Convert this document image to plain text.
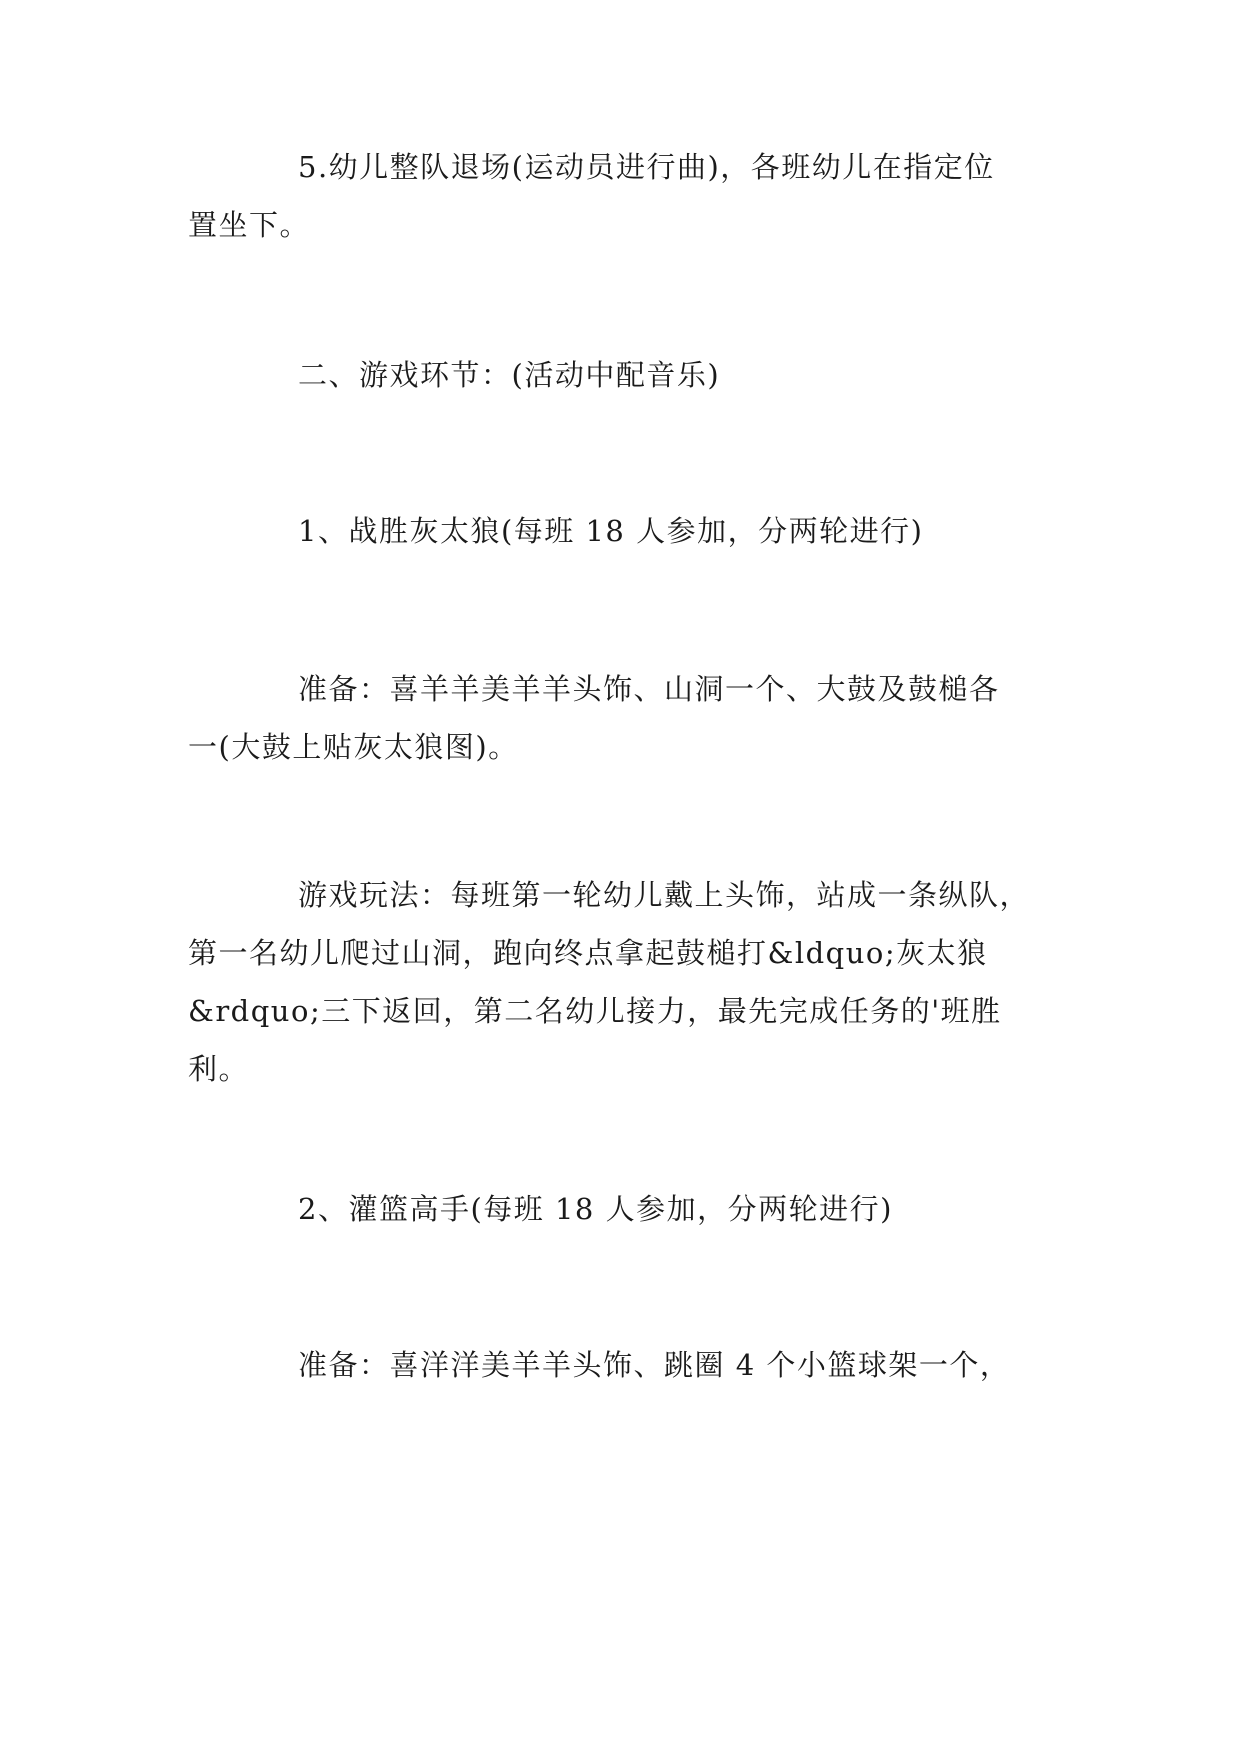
5.幼儿整队退场(运动员进行曲)，各班幼儿在指定位
置坐下。

二、游戏环节：(活动中配音乐)

1、战胜灰太狼(每班 18 人参加，分两轮进行)

准备：喜羊羊美羊羊头饰、山洞一个、大鼓及鼓槌各
一(大鼓上贴灰太狼图)。

游戏玩法：每班第一轮幼儿戴上头饰，站成一条纵队，
第一名幼儿爬过山洞，跑向终点拿起鼓槌打&ldquo;灰太狼
&rdquo;三下返回，第二名幼儿接力，最先完成任务的'班胜
利。

2、灌篮高手(每班 18 人参加，分两轮进行)

准备：喜洋洋美羊羊头饰、跳圈 4 个小篮球架一个，
